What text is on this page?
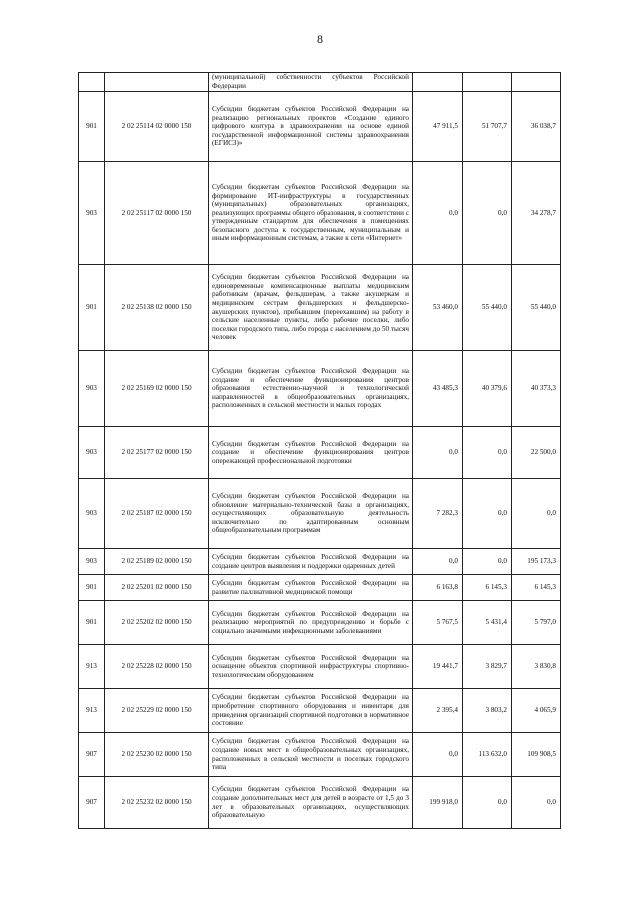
8
		(муниципальной) собственности субъектов Российской Федерации			
901	2 02 25114 02 0000 150	Субсидии бюджетам субъектов Российской Федерации на реализацию региональных проектов «Создание единого цифрового контура в здравоохранении на основе единой государственной информационной системы здравоохранения (ЕГИСЗ)»	47 911,5	51 707,7	36 038,7
903	2 02 25117 02 0000 150	Субсидии бюджетам субъектов Российской Федерации на формирование ИТ-инфраструктуры в государственных (муниципальных) образовательных организациях, реализующих программы общего образования, в соответствии с утвержденным стандартом для обеспечения в помещениях безопасного доступа к государственным, муниципальным и иным информационным системам, а также к сети «Интернет»	0,0	0,0	34 278,7
901	2 02 25138 02 0000 150	Субсидии бюджетам субъектов Российской Федерации на единовременные компенсационные выплаты медицинским работникам (врачам, фельдшерам, а также акушеркам и медицинским сестрам фельдшерских и фельдшерско-акушерских пунктов), прибывшим (переехавшим) на работу в сельские населенные пункты, либо рабочие поселки, либо поселки городского типа, либо города с населением до 50 тысяч человек	53 460,0	55 440,0	55 440,0
903	2 02 25169 02 0000 150	Субсидии бюджетам субъектов Российской Федерации на создание и обеспечение функционирования центров образования естественно-научной и технологической направленностей в общеобразовательных организациях, расположенных в сельской местности и малых городах	43 485,3	40 379,6	40 373,3
903	2 02 25177 02 0000 150	Субсидии бюджетам субъектов Российской Федерации на создание и обеспечение функционирования центров опережающей профессиональной подготовки	0,0	0,0	22 500,0
903	2 02 25187 02 0000 150	Субсидии бюджетам субъектов Российской Федерации на обновление материально-технической базы в организациях, осуществляющих образовательную деятельность исключительно по адаптированным основным общеобразовательным программам	7 282,3	0,0	0,0
903	2 02 25189 02 0000 150	Субсидии бюджетам субъектов Российской Федерации на создание центров выявления и поддержки одаренных детей	0,0	0,0	195 173,3
901	2 02 25201 02 0000 150	Субсидии бюджетам субъектов Российской Федерации на развитие паллиативной медицинской помощи	6 163,8	6 145,3	6 145,3
901	2 02 25202 02 0000 150	Субсидии бюджетам субъектов Российской Федерации на реализацию мероприятий по предупреждению и борьбе с социально значимыми инфекционными заболеваниями	5 767,5	5 431,4	5 797,0
913	2 02 25228 02 0000 150	Субсидии бюджетам субъектов Российской Федерации на оснащение объектов спортивной инфраструктуры спортивно-технологическим оборудованием	19 441,7	3 829,7	3 830,8
913	2 02 25229 02 0000 150	Субсидии бюджетам субъектов Российской Федерации на приобретение спортивного оборудования и инвентаря для приведения организаций спортивной подготовки в нормативное состояние	2 395,4	3 803,2	4 065,9
907	2 02 25230 02 0000 150	Субсидии бюджетам субъектов Российской Федерации на создание новых мест в общеобразовательных организациях, расположенных в сельской местности и поселках городского типа	0,0	113 632,0	109 908,5
907	2 02 25232 02 0000 150	Субсидии бюджетам субъектов Российской Федерации на создание дополнительных мест для детей в возрасте от 1,5 до 3 лет в образовательных организациях, осуществляющих образовательную	199 918,0	0,0	0,0
